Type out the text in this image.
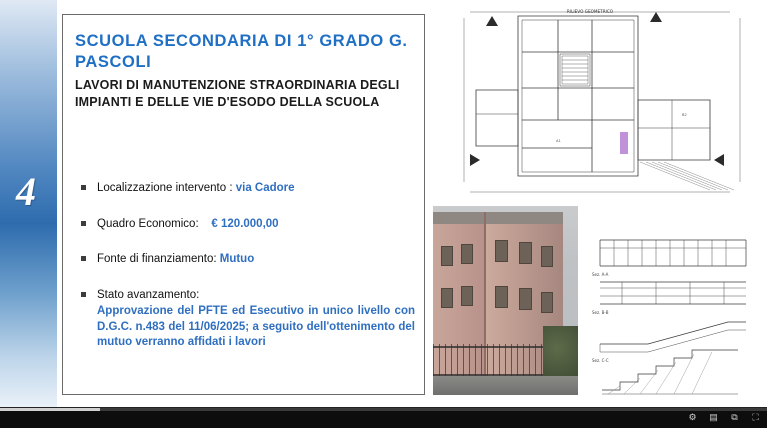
4
SCUOLA SECONDARIA DI 1° GRADO G. PASCOLI
LAVORI DI MANUTENZIONE STRAORDINARIA DEGLI IMPIANTI E DELLE VIE D'ESODO DELLA SCUOLA
Localizzazione intervento : via Cadore
Quadro Economico: € 120.000,00
Fonte di finanziamento: Mutuo
Stato avanzamento:
Approvazione del PFTE ed Esecutivo in unico livello con D.G.C. n.483 del 11/06/2025; a seguito dell'ottenimento del mutuo verranno affidati i lavori
RILIEVO GEOMETRICO
A1
B2
Sez. A-A
Sez. B-B
Sez. C-C
⚙ ▤ ⧉ ⛶
